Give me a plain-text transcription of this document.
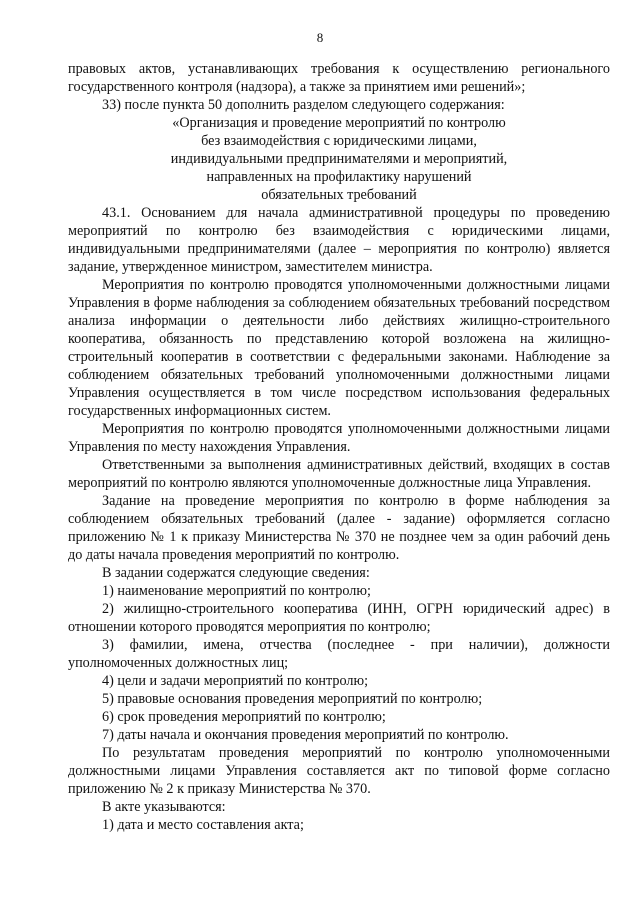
8

правовых актов, устанавливающих требования к осуществлению регионального государственного контроля (надзора), а также за принятием ими решений»;

33) после пункта 50 дополнить разделом следующего содержания:

«Организация и проведение мероприятий по контролю
без взаимодействия с юридическими лицами,
индивидуальными предпринимателями и мероприятий,
направленных на профилактику нарушений
обязательных требований

43.1. Основанием для начала административной процедуры по проведению мероприятий по контролю без взаимодействия с юридическими лицами, индивидуальными предпринимателями (далее – мероприятия по контролю) является задание, утвержденное министром, заместителем министра.

Мероприятия по контролю проводятся уполномоченными должностными лицами Управления в форме наблюдения за соблюдением обязательных требований посредством анализа информации о деятельности либо действиях жилищно-строительного кооператива, обязанность по представлению которой возложена на жилищно-строительный кооператив в соответствии с федеральными законами. Наблюдение за соблюдением обязательных требований уполномоченными должностными лицами Управления осуществляется в том числе посредством использования федеральных государственных информационных систем.

Мероприятия по контролю проводятся уполномоченными должностными лицами Управления по месту нахождения Управления.

Ответственными за выполнения административных действий, входящих в состав мероприятий по контролю являются уполномоченные должностные лица Управления.

Задание на проведение мероприятия по контролю в форме наблюдения за соблюдением обязательных требований (далее - задание) оформляется согласно приложению № 1 к приказу Министерства № 370 не позднее чем за один рабочий день до даты начала проведения мероприятий по контролю.

В задании содержатся следующие сведения:

1) наименование мероприятий по контролю;

2) жилищно-строительного кооператива (ИНН, ОГРН юридический адрес) в отношении которого проводятся мероприятия по контролю;

3) фамилии, имена, отчества (последнее - при наличии), должности уполномоченных должностных лиц;

4) цели и задачи мероприятий по контролю;

5) правовые основания проведения мероприятий по контролю;

6) срок проведения мероприятий по контролю;

7) даты начала и окончания проведения мероприятий по контролю.

По результатам проведения мероприятий по контролю уполномоченными должностными лицами Управления составляется акт по типовой форме согласно приложению № 2 к приказу Министерства № 370.

В акте указываются:

1) дата и место составления акта;
